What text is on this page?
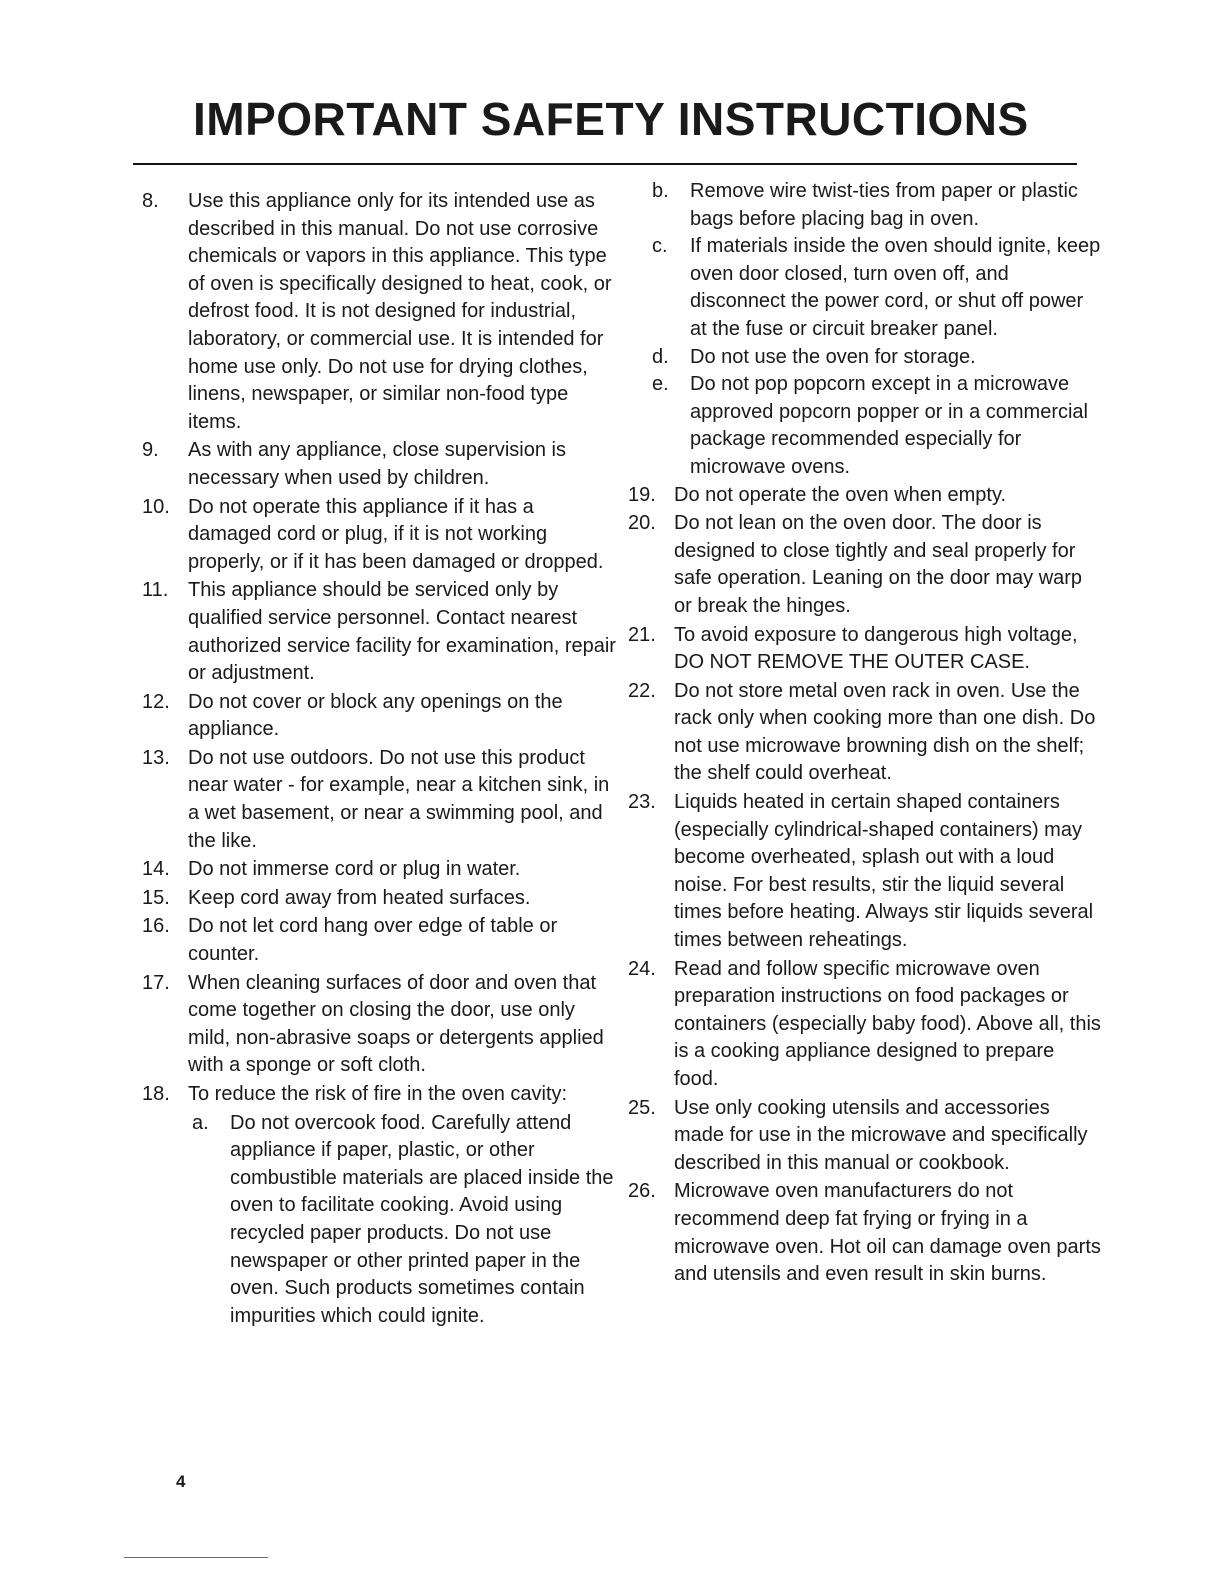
IMPORTANT SAFETY INSTRUCTIONS
8. Use this appliance only for its intended use as described in this manual. Do not use corrosive chemicals or vapors in this appliance. This type of oven is specifically designed to heat, cook, or defrost food. It is not designed for industrial, laboratory, or commercial use. It is intended for home use only. Do not use for drying clothes, linens, newspaper, or similar non-food type items.
9. As with any appliance, close supervision is necessary when used by children.
10. Do not operate this appliance if it has a damaged cord or plug, if it is not working properly, or if it has been damaged or dropped.
11. This appliance should be serviced only by qualified service personnel. Contact nearest authorized service facility for examination, repair or adjustment.
12. Do not cover or block any openings on the appliance.
13. Do not use outdoors. Do not use this product near water - for example, near a kitchen sink, in a wet basement, or near a swimming pool, and the like.
14. Do not immerse cord or plug in water.
15. Keep cord away from heated surfaces.
16. Do not let cord hang over edge of table or counter.
17. When cleaning surfaces of door and oven that come together on closing the door, use only mild, non-abrasive soaps or detergents applied with a sponge or soft cloth.
18. To reduce the risk of fire in the oven cavity:
a. Do not overcook food. Carefully attend appliance if paper, plastic, or other combustible materials are placed inside the oven to facilitate cooking. Avoid using recycled paper products. Do not use newspaper or other printed paper in the oven. Such products sometimes contain impurities which could ignite.
b. Remove wire twist-ties from paper or plastic bags before placing bag in oven.
c. If materials inside the oven should ignite, keep oven door closed, turn oven off, and disconnect the power cord, or shut off power at the fuse or circuit breaker panel.
d. Do not use the oven for storage.
e. Do not pop popcorn except in a microwave approved popcorn popper or in a commercial package recommended especially for microwave ovens.
19. Do not operate the oven when empty.
20. Do not lean on the oven door. The door is designed to close tightly and seal properly for safe operation. Leaning on the door may warp or break the hinges.
21. To avoid exposure to dangerous high voltage, DO NOT REMOVE THE OUTER CASE.
22. Do not store metal oven rack in oven. Use the rack only when cooking more than one dish. Do not use microwave browning dish on the shelf; the shelf could overheat.
23. Liquids heated in certain shaped containers (especially cylindrical-shaped containers) may become overheated, splash out with a loud noise. For best results, stir the liquid several times before heating. Always stir liquids several times between reheatings.
24. Read and follow specific microwave oven preparation instructions on food packages or containers (especially baby food). Above all, this is a cooking appliance designed to prepare food.
25. Use only cooking utensils and accessories made for use in the microwave and specifically described in this manual or cookbook.
26. Microwave oven manufacturers do not recommend deep fat frying or frying in a microwave oven. Hot oil can damage oven parts and utensils and even result in skin burns.
4
